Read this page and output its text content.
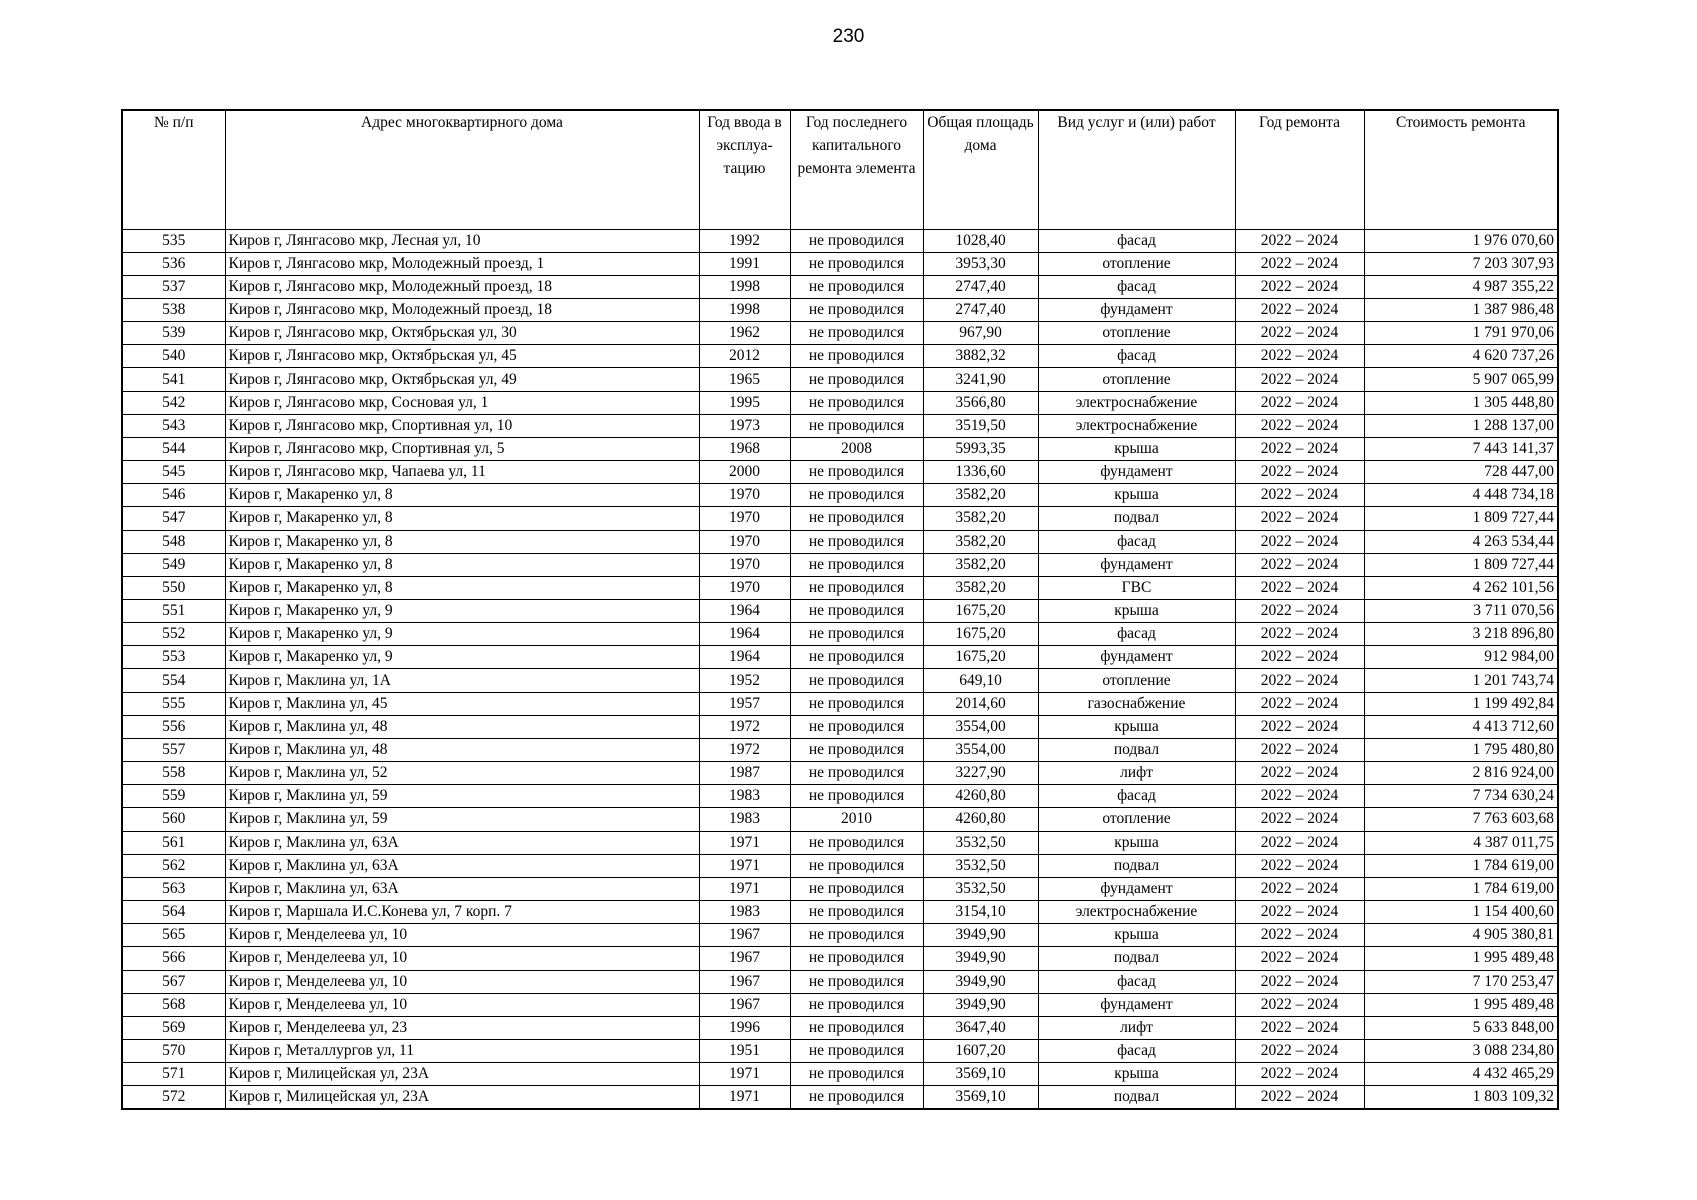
230
№ п/п	Адрес многоквартирного дома	Год ввода в эксплуа-тацию	Год последнего капитального ремонта элемента	Общая площадь дома	Вид услуг и (или) работ	Год ремонта	Стоимость ремонта
535	Киров г, Лянгасово мкр, Лесная ул, 10	1992	не проводился	1028,40	фасад	2022 – 2024	1 976 070,60
536	Киров г, Лянгасово мкр, Молодежный проезд, 1	1991	не проводился	3953,30	отопление	2022 – 2024	7 203 307,93
537	Киров г, Лянгасово мкр, Молодежный проезд, 18	1998	не проводился	2747,40	фасад	2022 – 2024	4 987 355,22
538	Киров г, Лянгасово мкр, Молодежный проезд, 18	1998	не проводился	2747,40	фундамент	2022 – 2024	1 387 986,48
539	Киров г, Лянгасово мкр, Октябрьская ул, 30	1962	не проводился	967,90	отопление	2022 – 2024	1 791 970,06
540	Киров г, Лянгасово мкр, Октябрьская ул, 45	2012	не проводился	3882,32	фасад	2022 – 2024	4 620 737,26
541	Киров г, Лянгасово мкр, Октябрьская ул, 49	1965	не проводился	3241,90	отопление	2022 – 2024	5 907 065,99
542	Киров г, Лянгасово мкр, Сосновая ул, 1	1995	не проводился	3566,80	электроснабжение	2022 – 2024	1 305 448,80
543	Киров г, Лянгасово мкр, Спортивная ул, 10	1973	не проводился	3519,50	электроснабжение	2022 – 2024	1 288 137,00
544	Киров г, Лянгасово мкр, Спортивная ул, 5	1968	2008	5993,35	крыша	2022 – 2024	7 443 141,37
545	Киров г, Лянгасово мкр, Чапаева ул, 11	2000	не проводился	1336,60	фундамент	2022 – 2024	728 447,00
546	Киров г, Макаренко ул, 8	1970	не проводился	3582,20	крыша	2022 – 2024	4 448 734,18
547	Киров г, Макаренко ул, 8	1970	не проводился	3582,20	подвал	2022 – 2024	1 809 727,44
548	Киров г, Макаренко ул, 8	1970	не проводился	3582,20	фасад	2022 – 2024	4 263 534,44
549	Киров г, Макаренко ул, 8	1970	не проводился	3582,20	фундамент	2022 – 2024	1 809 727,44
550	Киров г, Макаренко ул, 8	1970	не проводился	3582,20	ГВС	2022 – 2024	4 262 101,56
551	Киров г, Макаренко ул, 9	1964	не проводился	1675,20	крыша	2022 – 2024	3 711 070,56
552	Киров г, Макаренко ул, 9	1964	не проводился	1675,20	фасад	2022 – 2024	3 218 896,80
553	Киров г, Макаренко ул, 9	1964	не проводился	1675,20	фундамент	2022 – 2024	912 984,00
554	Киров г, Маклина ул, 1А	1952	не проводился	649,10	отопление	2022 – 2024	1 201 743,74
555	Киров г, Маклина ул, 45	1957	не проводился	2014,60	газоснабжение	2022 – 2024	1 199 492,84
556	Киров г, Маклина ул, 48	1972	не проводился	3554,00	крыша	2022 – 2024	4 413 712,60
557	Киров г, Маклина ул, 48	1972	не проводился	3554,00	подвал	2022 – 2024	1 795 480,80
558	Киров г, Маклина ул, 52	1987	не проводился	3227,90	лифт	2022 – 2024	2 816 924,00
559	Киров г, Маклина ул, 59	1983	не проводился	4260,80	фасад	2022 – 2024	7 734 630,24
560	Киров г, Маклина ул, 59	1983	2010	4260,80	отопление	2022 – 2024	7 763 603,68
561	Киров г, Маклина ул, 63А	1971	не проводился	3532,50	крыша	2022 – 2024	4 387 011,75
562	Киров г, Маклина ул, 63А	1971	не проводился	3532,50	подвал	2022 – 2024	1 784 619,00
563	Киров г, Маклина ул, 63А	1971	не проводился	3532,50	фундамент	2022 – 2024	1 784 619,00
564	Киров г, Маршала И.С.Конева ул, 7 корп. 7	1983	не проводился	3154,10	электроснабжение	2022 – 2024	1 154 400,60
565	Киров г, Менделеева ул, 10	1967	не проводился	3949,90	крыша	2022 – 2024	4 905 380,81
566	Киров г, Менделеева ул, 10	1967	не проводился	3949,90	подвал	2022 – 2024	1 995 489,48
567	Киров г, Менделеева ул, 10	1967	не проводился	3949,90	фасад	2022 – 2024	7 170 253,47
568	Киров г, Менделеева ул, 10	1967	не проводился	3949,90	фундамент	2022 – 2024	1 995 489,48
569	Киров г, Менделеева ул, 23	1996	не проводился	3647,40	лифт	2022 – 2024	5 633 848,00
570	Киров г, Металлургов ул, 11	1951	не проводился	1607,20	фасад	2022 – 2024	3 088 234,80
571	Киров г, Милицейская ул, 23А	1971	не проводился	3569,10	крыша	2022 – 2024	4 432 465,29
572	Киров г, Милицейская ул, 23А	1971	не проводился	3569,10	подвал	2022 – 2024	1 803 109,32
